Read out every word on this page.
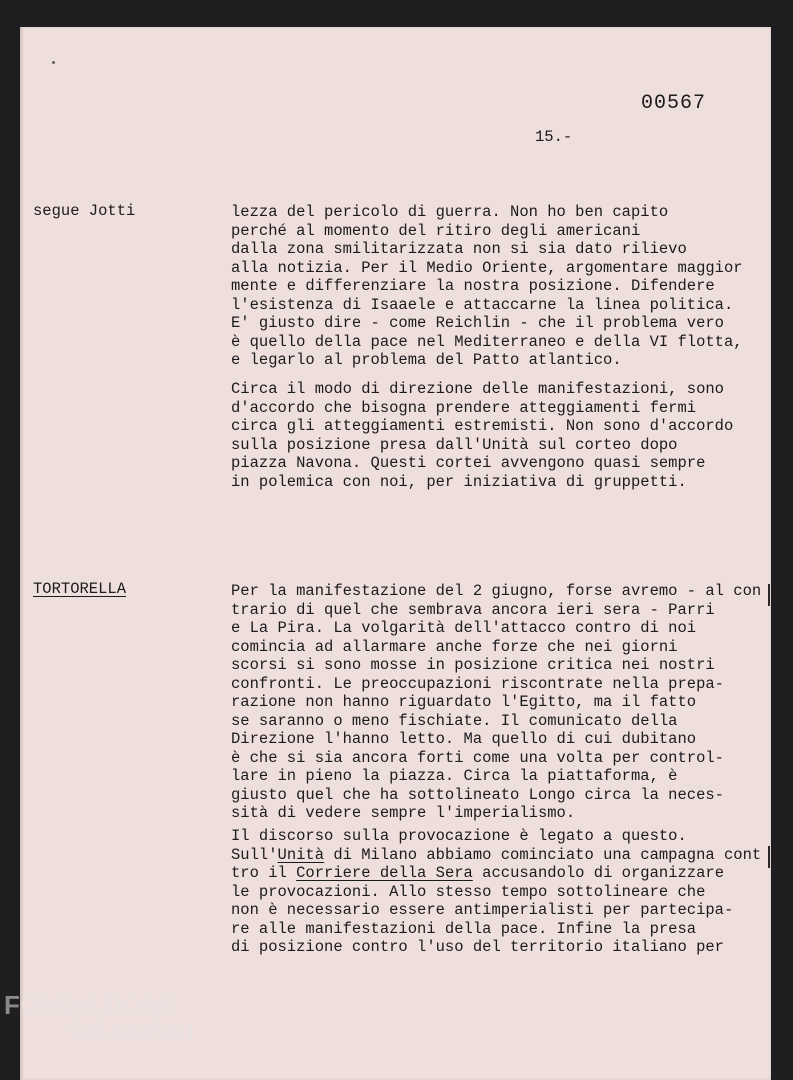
00567
15.-
segue Jotti	lezza del pericolo di guerra. Non ho ben capito
perché al momento del ritiro degli americani
dalla zona smilitarizzata non si sia dato rilievo
alla notizia. Per il Medio Oriente, argomentare maggior
mente e differenziare la nostra posizione. Difendere
l'esistenza di Isaaele e attaccarne la linea politica.
E' giusto dire - come Reichlin - che il problema vero
è quello della pace nel Mediterraneo e della VI flotta,
e legarlo al problema del Patto atlantico.
Circa il modo di direzione delle manifestazioni, sono
d'accordo che bisogna prendere atteggiamenti fermi
circa gli atteggiamenti estremisti. Non sono d'accordo
sulla posizione presa dall'Unità sul corteo dopo
piazza Navona. Questi cortei avvengono quasi sempre
in polemica con noi, per iniziativa di gruppetti.
TORTORELLA	Per la manifestazione del 2 giugno, forse avremo - al con
trario di quel che sembrava ancora ieri sera - Parri
e La Pira. La volgarità dell'attacco contro di noi
comincia ad allarmare anche forze che nei giorni
scorsi si sono mosse in posizione critica nei nostri
confronti. Le preoccupazioni riscontrate nella prepa-
razione non hanno riguardato l'Egitto, ma il fatto
se saranno o meno fischiate. Il comunicato della
Direzione l'hanno letto. Ma quello di cui dubitano
è che si sia ancora forti come una volta per control-
lare in pieno la piazza. Circa la piattaforma, è
giusto quel che ha sottolineato Longo circa la neces-
sità di vedere sempre l'imperialismo.
Il discorso sulla provocazione è legato a questo.
Sull'Unità di Milano abbiamo cominciato una campagna cont
tro il Corriere della Sera accusandolo di organizzare
le provocazioni. Allo stesso tempo sottolineare che
non è necessario essere antimperialisti per partecipa-
re alle manifestazioni della pace. Infine la presa
di posizione contro l'uso del territorio italiano per
FONDAZIONE
GRAMSCI
onlus
